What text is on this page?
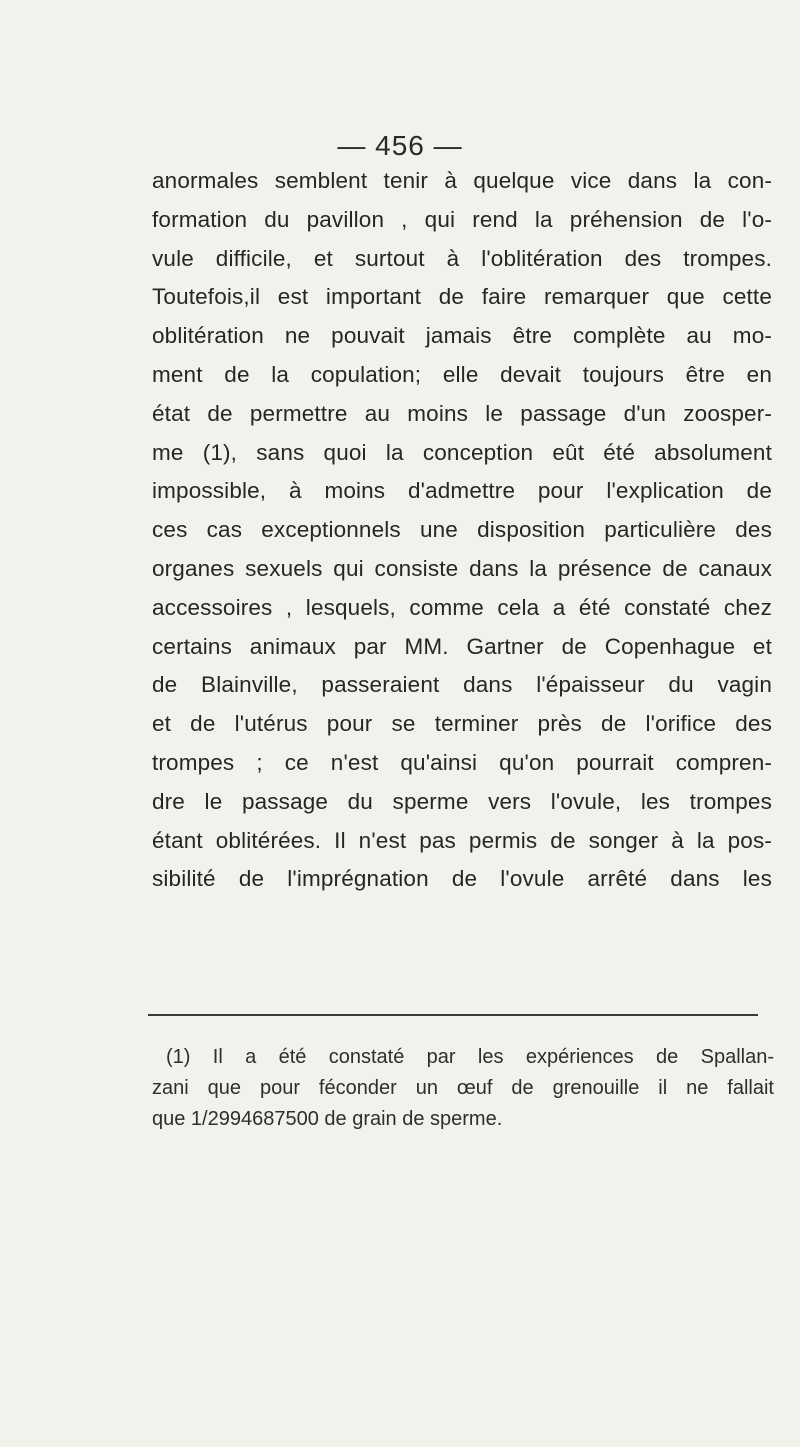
— 456 —
anormales semblent tenir à quelque vice dans la con-
formation du pavillon , qui rend la préhension de l'o-
vule difficile, et surtout à l'oblitération des trompes.
Toutefois,il est important de faire remarquer que cette
oblitération ne pouvait jamais être complète au mo-
ment de la copulation; elle devait toujours être en
état de permettre au moins le passage d'un zoosper-
me (1), sans quoi la conception eût été absolument
impossible, à moins d'admettre pour l'explication de
ces cas exceptionnels une disposition particulière des
organes sexuels qui consiste dans la présence de canaux
accessoires , lesquels, comme cela a été constaté chez
certains animaux par MM. Gartner de Copenhague et
de Blainville, passeraient dans l'épaisseur du vagin
et de l'utérus pour se terminer près de l'orifice des
trompes ; ce n'est qu'ainsi qu'on pourrait compren-
dre le passage du sperme vers l'ovule, les trompes
étant oblitérées. Il n'est pas permis de songer à la pos-
sibilité de l'imprégnation de l'ovule arrêté dans les
(1) Il a été constaté par les expériences de Spallan-
zani que pour féconder un œuf de grenouille il ne fallait
que 1/2994687500 de grain de sperme.
